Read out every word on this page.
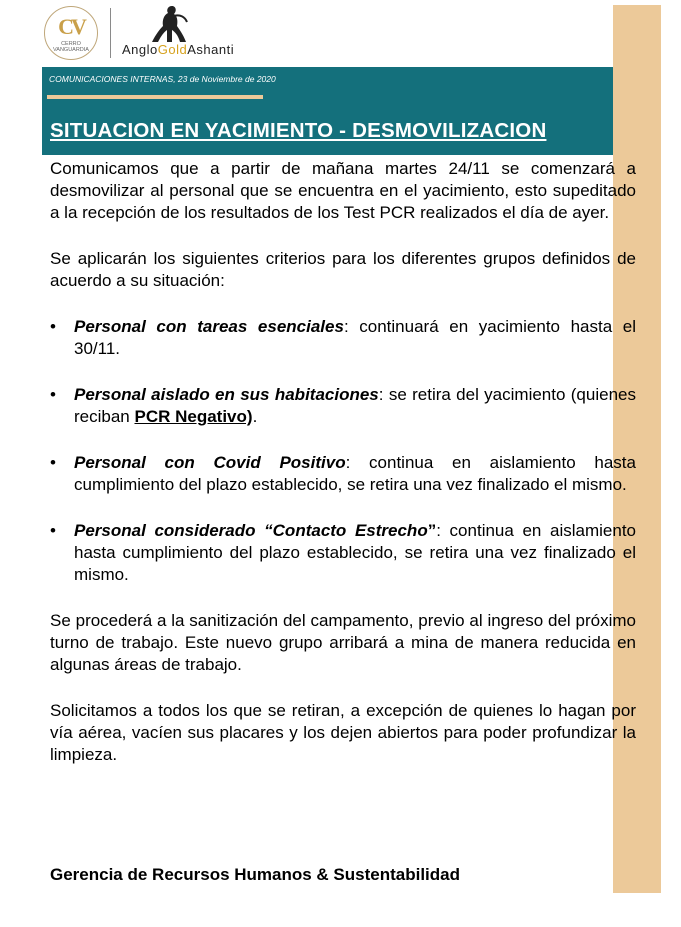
CV
CERRO VANGUARDIA	AngloGoldAshanti
COMUNICACIONES INTERNAS, 23 de Noviembre de 2020
SITUACION EN YACIMIENTO - DESMOVILIZACION

Comunicamos que a partir de mañana martes 24/11 se comenzará a desmovilizar al personal que se encuentra en el yacimiento, esto supeditado a la recepción de los resultados de los Test PCR realizados el día de ayer.

Se aplicarán los siguientes criterios para los diferentes grupos definidos de acuerdo a su situación:

• Personal con tareas esenciales: continuará en yacimiento hasta el 30/11.
• Personal aislado en sus habitaciones: se retira del yacimiento (quienes reciban PCR Negativo).
• Personal con Covid Positivo: continua en aislamiento hasta cumplimiento del plazo establecido, se retira una vez finalizado el mismo.
• Personal considerado “Contacto Estrecho”: continua en aislamiento hasta cumplimiento del plazo establecido, se retira una vez finalizado el mismo.

Se procederá a la sanitización del campamento, previo al ingreso del próximo turno de trabajo. Este nuevo grupo arribará a mina de manera reducida en algunas áreas de trabajo.

Solicitamos a todos los que se retiran, a excepción de quienes lo hagan por vía aérea, vacíen sus placares y los dejen abiertos para poder profundizar la limpieza.

Gerencia de Recursos Humanos & Sustentabilidad
